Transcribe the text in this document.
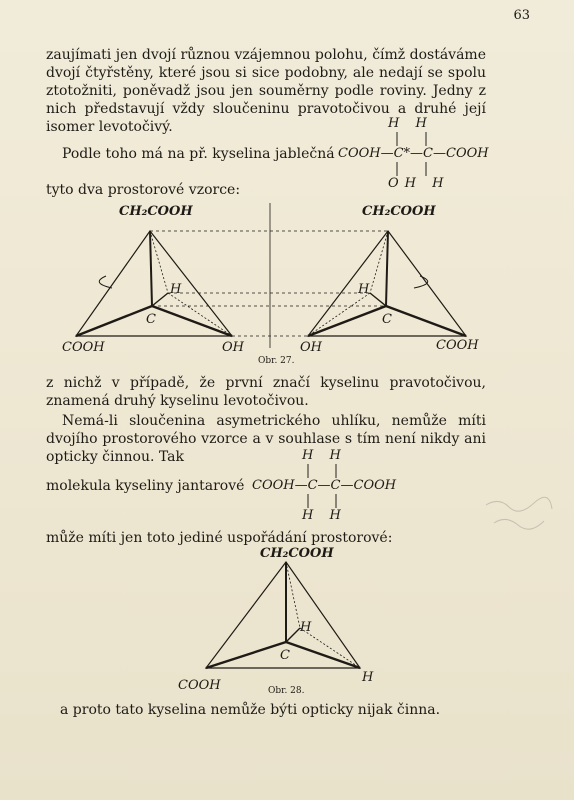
63
zaujímati jen dvojí různou vzájemnou polohu, čímž dostáváme dvojí čtyřstěny, které jsou si sice podobny, ale nedají se spolu ztotožniti, poněvadž jsou jen souměrny podle roviny. Jedny z nich představují vždy sloučeninu pravotočivou a druhé její isomer levotočivý.
Podle toho má na př. kyselina jablečná
H H
COOH—C*—C—COOH
OH H
tyto dva prostorové vzorce:
CH₂COOH	CH₂COOH
H	H
C	C
COOH	OH	OH	COOH
Obr. 27.
z nichž v případě, že první značí kyselinu pravotočivou, znamená druhý kyselinu levotočivou.
Nemá-li sloučenina asymetrického uhlíku, nemůže míti dvojího prostorového vzorce a v souhlase s tím není nikdy ani opticky činnou. Tak
molekula kyseliny jantarové
H H
COOH—C—C—COOH
H H
může míti jen toto jediné uspořádání prostorové:
CH₂COOH
H
C
COOH
H
Obr. 28.
a proto tato kyselina nemůže býti opticky nijak činna.
